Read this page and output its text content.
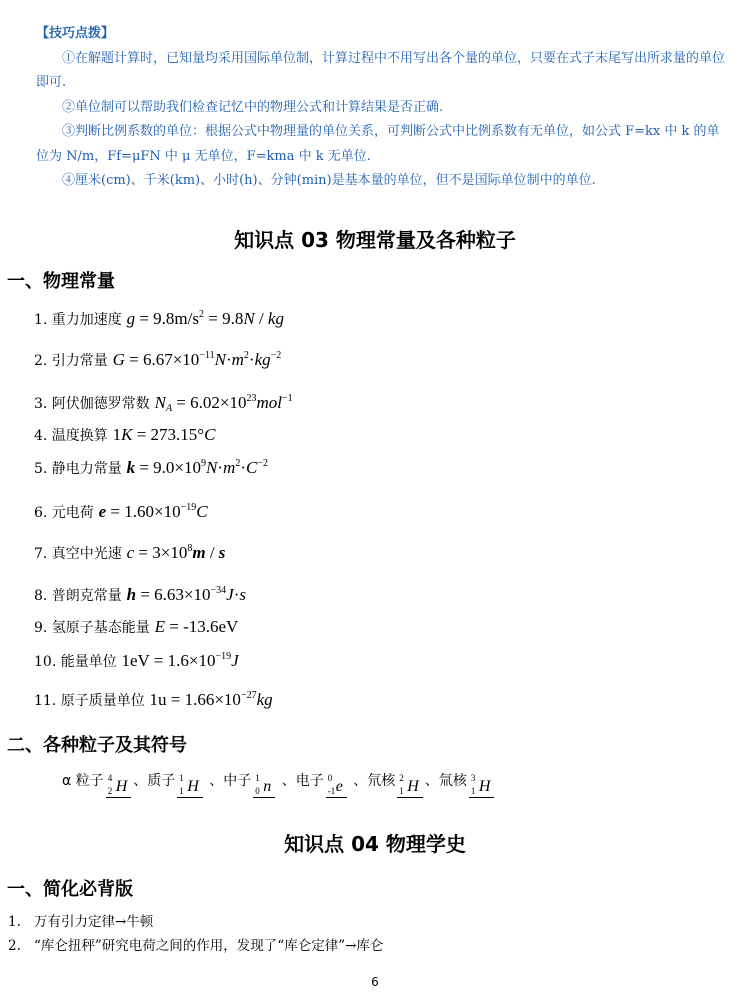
【技巧点拨】

①在解题计算时，已知量均采用国际单位制，计算过程中不用写出各个量的单位，只要在式子末尾写出所求量的单位即可.

②单位制可以帮助我们检查记忆中的物理公式和计算结果是否正确.

③判断比例系数的单位：根据公式中物理量的单位关系，可判断公式中比例系数有无单位，如公式 F=kx 中 k 的单位为 N/m，Ff=μFN 中 μ 无单位，F=kma 中 k 无单位.

④厘米(cm)、千米(km)、小时(h)、分钟(min)是基本量的单位，但不是国际单位制中的单位.

知识点 03 物理常量及各种粒子
一、物理常量
1. 重力加速度 $g = 9.8m/s^2 = 9.8N$ / kg
2. 引力常量 $G = 6.67\times 10^{-11}N\cdot m^2\cdot kg^{-2}$
3. 阿伏伽德罗常数 $N_A = 6.02\times 10^{23}mol^{-1}$
4. 温度换算 1K = 273.15°C
5. 静电力常量 $k = 9.0\times 10^9N\cdot m^2\cdot C^{-2}$
6. 元电荷 $e = 1.60\times 10^{-19}C$
7. 真空中光速 $c = 3\times 10^8m / s$
8. 普朗克常量 $h = 6.63\times 10^{-34}J\cdot s$
9. 氢原子基态能量 E = -13.6eV
10. 能量单位 $1eV = 1.6\times 10^{-19}J$
11. 原子质量单位 $1u = 1.66\times 10^{-27}kg$
二、各种粒子及其符号
α 粒子 4
2 H 、质子 1
1 H 、中子 1
0 n 、电子 0
-1 e 、氘核 2
1 H 、氚核 3
1 H
知识点 04 物理学史
一、简化必背版
1. 万有引力定律→牛顿
2. “库仑扭秤”研究电荷之间的作用，发现了“库仑定律”→库仑
6
